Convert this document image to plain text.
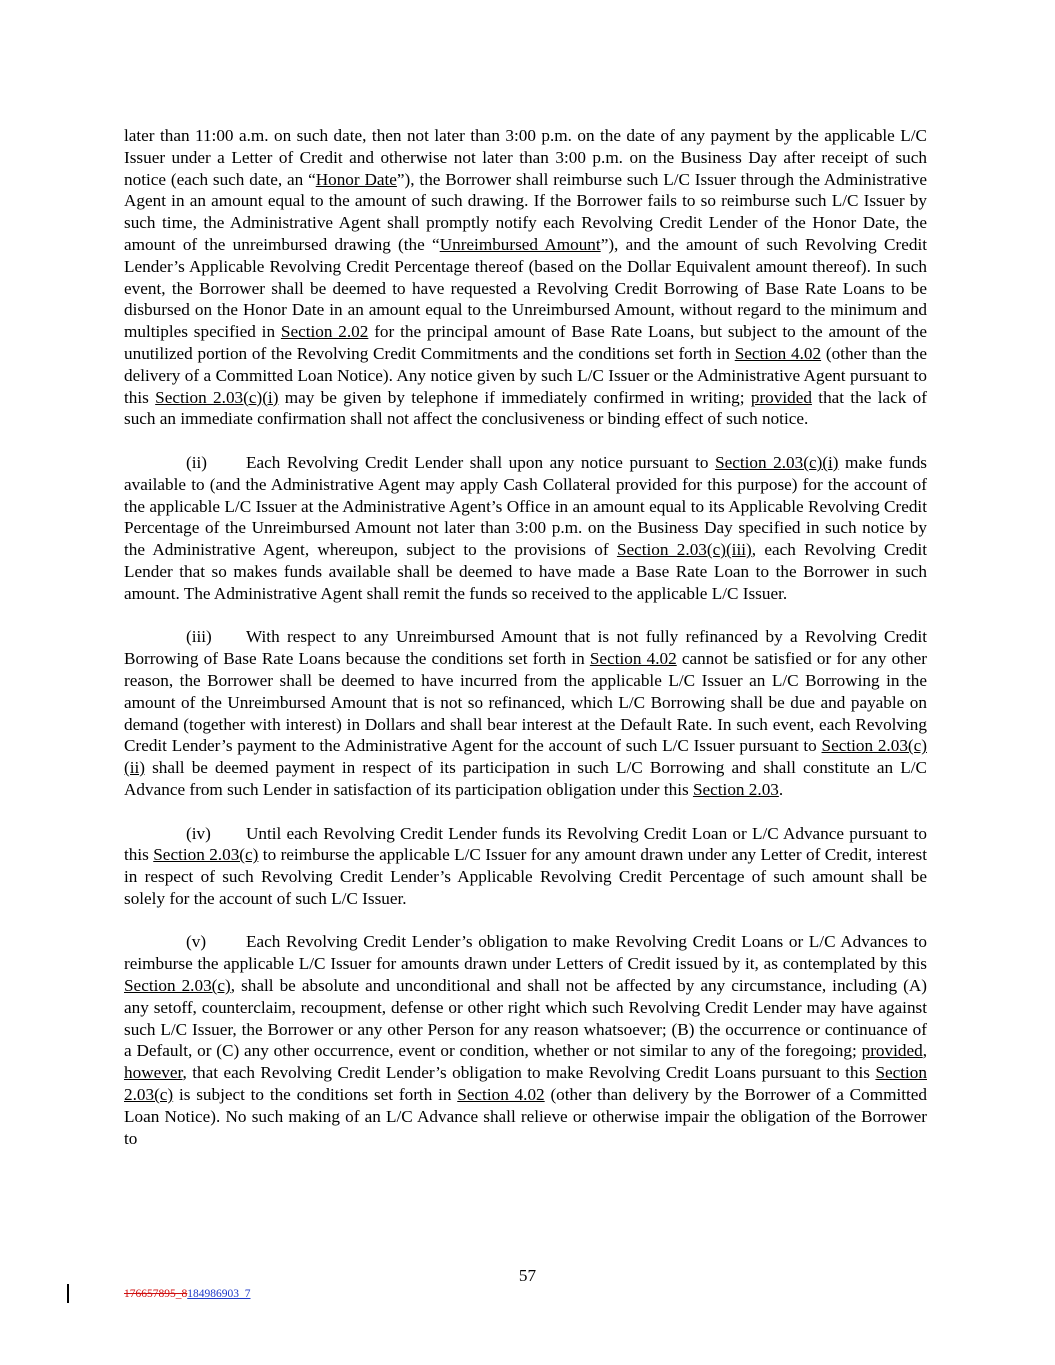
later than 11:00 a.m. on such date, then not later than 3:00 p.m. on the date of any payment by the applicable L/C Issuer under a Letter of Credit and otherwise not later than 3:00 p.m. on the Business Day after receipt of such notice (each such date, an “Honor Date”), the Borrower shall reimburse such L/C Issuer through the Administrative Agent in an amount equal to the amount of such drawing. If the Borrower fails to so reimburse such L/C Issuer by such time, the Administrative Agent shall promptly notify each Revolving Credit Lender of the Honor Date, the amount of the unreimbursed drawing (the “Unreimbursed Amount”), and the amount of such Revolving Credit Lender’s Applicable Revolving Credit Percentage thereof (based on the Dollar Equivalent amount thereof). In such event, the Borrower shall be deemed to have requested a Revolving Credit Borrowing of Base Rate Loans to be disbursed on the Honor Date in an amount equal to the Unreimbursed Amount, without regard to the minimum and multiples specified in Section 2.02 for the principal amount of Base Rate Loans, but subject to the amount of the unutilized portion of the Revolving Credit Commitments and the conditions set forth in Section 4.02 (other than the delivery of a Committed Loan Notice). Any notice given by such L/C Issuer or the Administrative Agent pursuant to this Section 2.03(c)(i) may be given by telephone if immediately confirmed in writing; provided that the lack of such an immediate confirmation shall not affect the conclusiveness or binding effect of such notice.

(ii) Each Revolving Credit Lender shall upon any notice pursuant to Section 2.03(c)(i) make funds available to (and the Administrative Agent may apply Cash Collateral provided for this purpose) for the account of the applicable L/C Issuer at the Administrative Agent’s Office in an amount equal to its Applicable Revolving Credit Percentage of the Unreimbursed Amount not later than 3:00 p.m. on the Business Day specified in such notice by the Administrative Agent, whereupon, subject to the provisions of Section 2.03(c)(iii), each Revolving Credit Lender that so makes funds available shall be deemed to have made a Base Rate Loan to the Borrower in such amount. The Administrative Agent shall remit the funds so received to the applicable L/C Issuer.

(iii) With respect to any Unreimbursed Amount that is not fully refinanced by a Revolving Credit Borrowing of Base Rate Loans because the conditions set forth in Section 4.02 cannot be satisfied or for any other reason, the Borrower shall be deemed to have incurred from the applicable L/C Issuer an L/C Borrowing in the amount of the Unreimbursed Amount that is not so refinanced, which L/C Borrowing shall be due and payable on demand (together with interest) in Dollars and shall bear interest at the Default Rate. In such event, each Revolving Credit Lender’s payment to the Administrative Agent for the account of such L/C Issuer pursuant to Section 2.03(c)(ii) shall be deemed payment in respect of its participation in such L/C Borrowing and shall constitute an L/C Advance from such Lender in satisfaction of its participation obligation under this Section 2.03.

(iv) Until each Revolving Credit Lender funds its Revolving Credit Loan or L/C Advance pursuant to this Section 2.03(c) to reimburse the applicable L/C Issuer for any amount drawn under any Letter of Credit, interest in respect of such Revolving Credit Lender’s Applicable Revolving Credit Percentage of such amount shall be solely for the account of such L/C Issuer.

(v) Each Revolving Credit Lender’s obligation to make Revolving Credit Loans or L/C Advances to reimburse the applicable L/C Issuer for amounts drawn under Letters of Credit issued by it, as contemplated by this Section 2.03(c), shall be absolute and unconditional and shall not be affected by any circumstance, including (A) any setoff, counterclaim, recoupment, defense or other right which such Revolving Credit Lender may have against such L/C Issuer, the Borrower or any other Person for any reason whatsoever; (B) the occurrence or continuance of a Default, or (C) any other occurrence, event or condition, whether or not similar to any of the foregoing; provided, however, that each Revolving Credit Lender’s obligation to make Revolving Credit Loans pursuant to this Section 2.03(c) is subject to the conditions set forth in Section 4.02 (other than delivery by the Borrower of a Committed Loan Notice). No such making of an L/C Advance shall relieve or otherwise impair the obligation of the Borrower to

57
176657895_8184986903_7
